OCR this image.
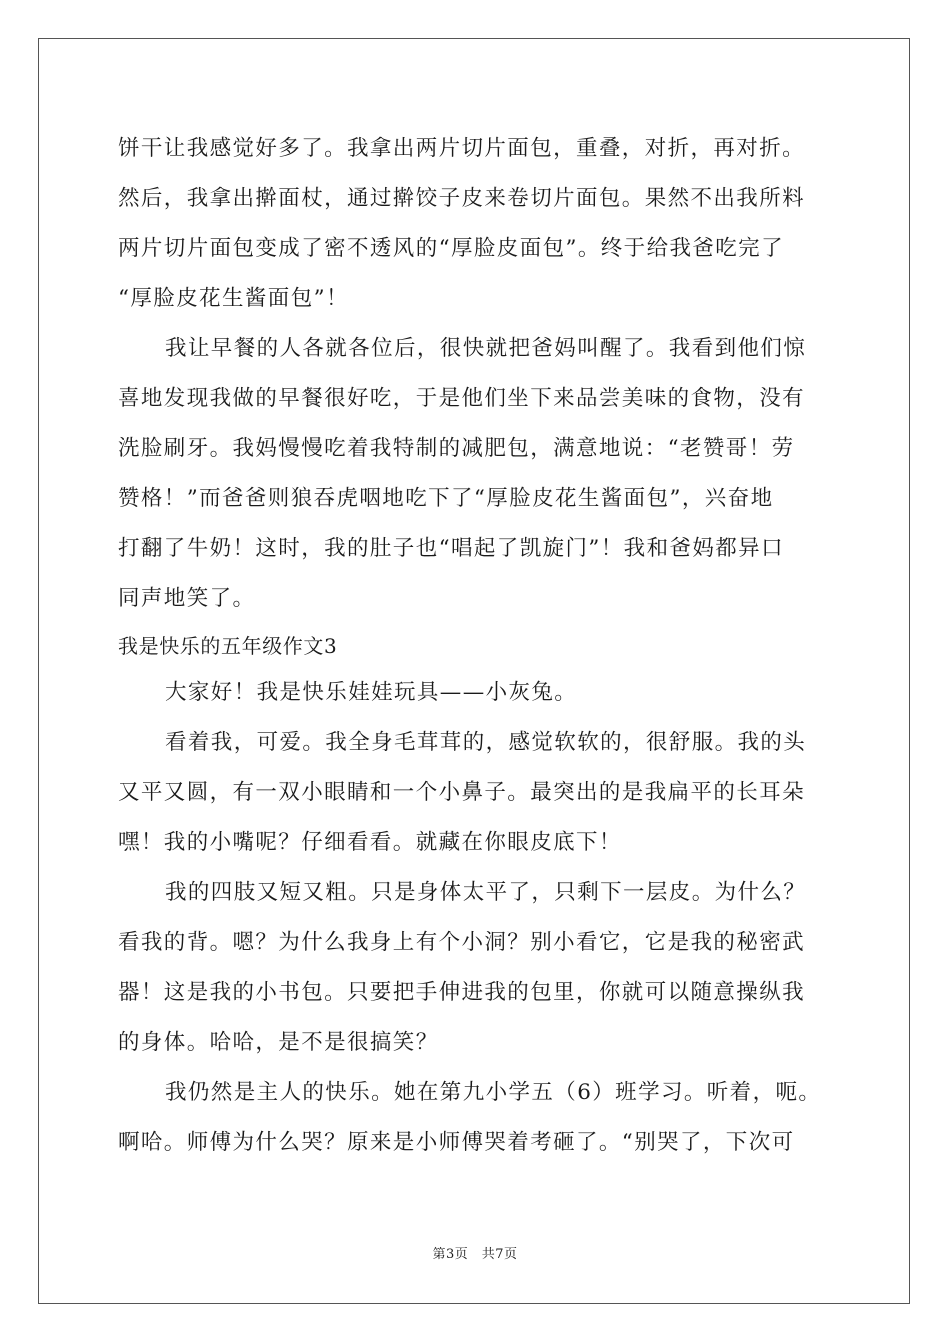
饼干让我感觉好多了。我拿出两片切片面包，重叠，对折，再对折。
然后，我拿出擀面杖，通过擀饺子皮来卷切片面包。果然不出我所料
两片切片面包变成了密不透风的“厚脸皮面包”。终于给我爸吃完了
“厚脸皮花生酱面包”！
我让早餐的人各就各位后，很快就把爸妈叫醒了。我看到他们惊
喜地发现我做的早餐很好吃，于是他们坐下来品尝美味的食物，没有
洗脸刷牙。我妈慢慢吃着我特制的减肥包，满意地说：“老赞哥！劳
赞格！”而爸爸则狼吞虎咽地吃下了“厚脸皮花生酱面包”，兴奋地
打翻了牛奶！这时，我的肚子也“唱起了凯旋门”！我和爸妈都异口
同声地笑了。
我是快乐的五年级作文3
大家好！我是快乐娃娃玩具——小灰兔。
看着我，可爱。我全身毛茸茸的，感觉软软的，很舒服。我的头
又平又圆，有一双小眼睛和一个小鼻子。最突出的是我扁平的长耳朵
嘿！我的小嘴呢？仔细看看。就藏在你眼皮底下！
我的四肢又短又粗。只是身体太平了，只剩下一层皮。为什么？
看我的背。嗯？为什么我身上有个小洞？别小看它，它是我的秘密武
器！这是我的小书包。只要把手伸进我的包里，你就可以随意操纵我
的身体。哈哈，是不是很搞笑？
我仍然是主人的快乐。她在第九小学五（6）班学习。听着，呃。
啊哈。师傅为什么哭？原来是小师傅哭着考砸了。“别哭了，下次可
第3页　共7页
